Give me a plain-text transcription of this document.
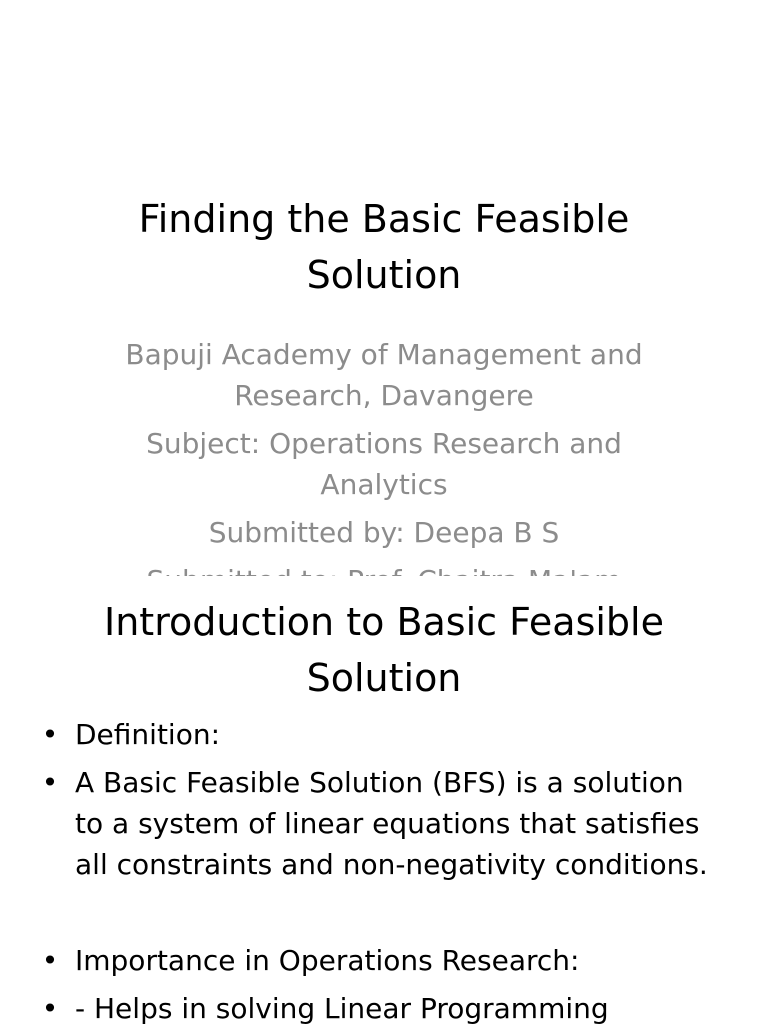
Finding the Basic Feasible Solution
Bapuji Academy of Management and Research, Davangere
Subject: Operations Research and Analytics
Submitted by: Deepa B S
Introduction to Basic Feasible Solution
• Definition:
• A Basic Feasible Solution (BFS) is a solution to a system of linear equations that satisfies all constraints and non-negativity conditions.
• Importance in Operations Research:
• - Helps in solving Linear Programming
